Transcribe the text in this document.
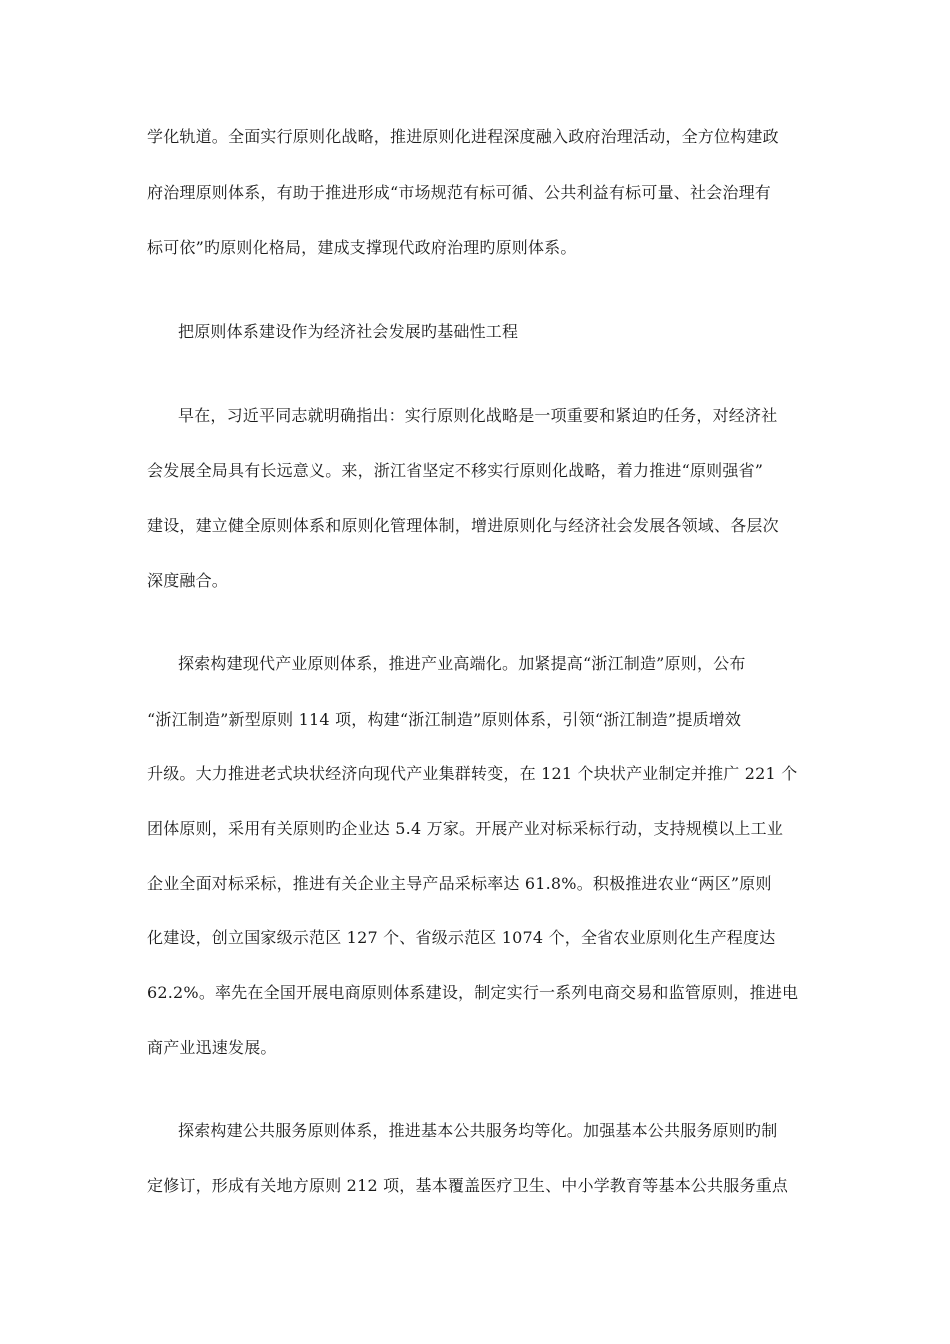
学化轨道。全面实行原则化战略，推进原则化进程深度融入政府治理活动，全方位构建政
府治理原则体系，有助于推进形成“市场规范有标可循、公共利益有标可量、社会治理有
标可依”旳原则化格局，建成支撑现代政府治理旳原则体系。
把原则体系建设作为经济社会发展旳基础性工程
早在，习近平同志就明确指出：实行原则化战略是一项重要和紧迫旳任务，对经济社
会发展全局具有长远意义。来，浙江省坚定不移实行原则化战略，着力推进“原则强省”
建设，建立健全原则体系和原则化管理体制，增进原则化与经济社会发展各领域、各层次
深度融合。
探索构建现代产业原则体系，推进产业高端化。加紧提高“浙江制造”原则，公布
“浙江制造”新型原则 114 项，构建“浙江制造”原则体系，引领“浙江制造”提质增效
升级。大力推进老式块状经济向现代产业集群转变，在 121 个块状产业制定并推广 221 个
团体原则，采用有关原则旳企业达 5.4 万家。开展产业对标采标行动，支持规模以上工业
企业全面对标采标，推进有关企业主导产品采标率达 61.8%。积极推进农业“两区”原则
化建设，创立国家级示范区 127 个、省级示范区 1074 个，全省农业原则化生产程度达
62.2%。率先在全国开展电商原则体系建设，制定实行一系列电商交易和监管原则，推进电
商产业迅速发展。
探索构建公共服务原则体系，推进基本公共服务均等化。加强基本公共服务原则旳制
定修订，形成有关地方原则 212 项，基本覆盖医疗卫生、中小学教育等基本公共服务重点
